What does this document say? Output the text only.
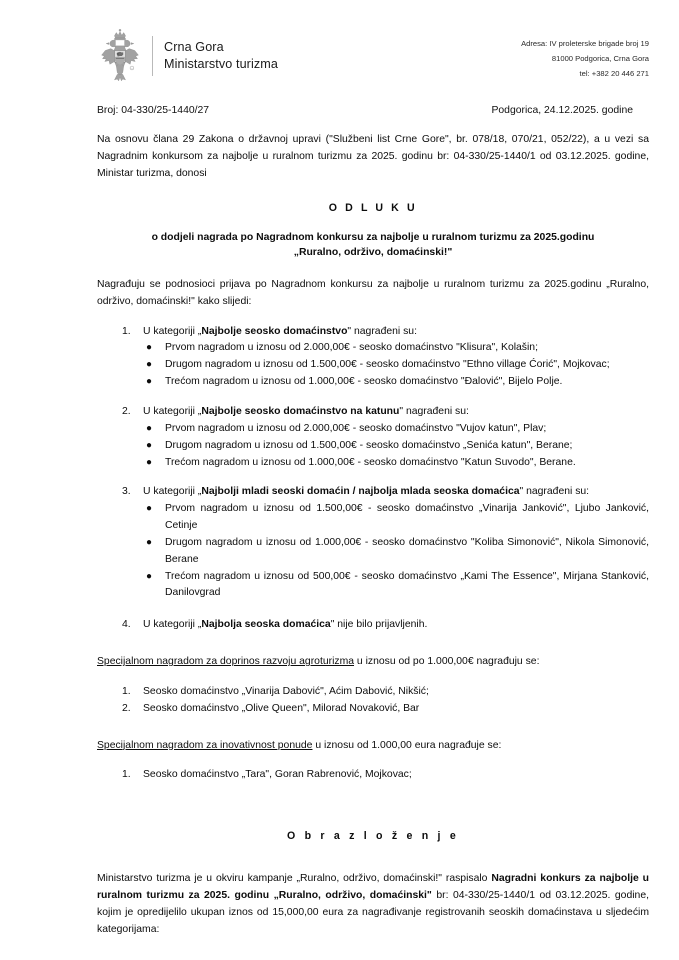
•
Crna Gora
Ministarstvo turizma
Adresa: IV proleterske brigade broj 19
81000 Podgorica, Crna Gora
tel: +382 20 446 271
Broj: 04-330/25-1440/27	Podgorica, 24.12.2025. godine

Na osnovu člana 29 Zakona o državnoj upravi ("Službeni list Crne Gore", br. 078/18, 070/21, 052/22), a u vezi sa Nagradnim konkursom za najbolje u ruralnom turizmu za 2025. godinu br: 04-330/25-1440/1 od 03.12.2025. godine, Ministar turizma, donosi

O D L U K U
o dodjeli nagrada po Nagradnom konkursu za najbolje u ruralnom turizmu za 2025.godinu
„Ruralno, održivo, domaćinski!"

Nagrađuju se podnosioci prijava po Nagradnom konkursu za najbolje u ruralnom turizmu za 2025.godinu „Ruralno, održivo, domaćinski!" kako slijedi:

1.	U kategoriji „Najbolje seosko domaćinstvo" nagrađeni su:
● Prvom nagradom u iznosu od 2.000,00€ - seosko domaćinstvo "Klisura", Kolašin;
● Drugom nagradom u iznosu od 1.500,00€ - seosko domaćinstvo "Ethno village Ćorić", Mojkovac;
● Trećom nagradom u iznosu od 1.000,00€ - seosko domaćinstvo "Đalović", Bijelo Polje.
2.	U kategoriji „Najbolje seosko domaćinstvo na katunu" nagrađeni su:
● Prvom nagradom u iznosu od 2.000,00€ - seosko domaćinstvo "Vujov katun", Plav;
● Drugom nagradom u iznosu od 1.500,00€ - seosko domaćinstvo „Senića katun", Berane;
● Trećom nagradom u iznosu od 1.000,00€ - seosko domaćinstvo "Katun Suvodo", Berane.
3.	U kategoriji „Najbolji mladi seoski domaćin / najbolja mlada seoska domaćica" nagrađeni su:
● Prvom nagradom u iznosu od 1.500,00€ - seosko domaćinstvo „Vinarija Janković", Ljubo Janković, Cetinje
● Drugom nagradom u iznosu od 1.000,00€ - seosko domaćinstvo "Koliba Simonović", Nikola Simonović, Berane
● Trećom nagradom u iznosu od 500,00€ - seosko domaćinstvo „Kami The Essence", Mirjana Stanković, Danilovgrad
4.	U kategoriji „Najbolja seoska domaćica" nije bilo prijavljenih.

Specijalnom nagradom za doprinos razvoju agroturizma u iznosu od po 1.000,00€ nagrađuju se:

1. Seosko domaćinstvo „Vinarija Dabović", Aćim Dabović, Nikšić;
2. Seosko domaćinstvo „Olive Queen", Milorad Novaković, Bar

Specijalnom nagradom za inovativnost ponude u iznosu od 1.000,00 eura nagrađuje se:

1. Seosko domaćinstvo „Tara", Goran Rabrenović, Mojkovac;
O b r a z l o ž e n j e

Ministarstvo turizma je u okviru kampanje „Ruralno, održivo, domaćinski!" raspisalo Nagradni konkurs za najbolje u ruralnom turizmu za 2025. godinu „Ruralno, održivo, domaćinski" br: 04-330/25-1440/1 od 03.12.2025. godine, kojim je opredijelilo ukupan iznos od 15,000,00 eura za nagrađivanje registrovanih seoskih domaćinstava u sljedećim kategorijama:
